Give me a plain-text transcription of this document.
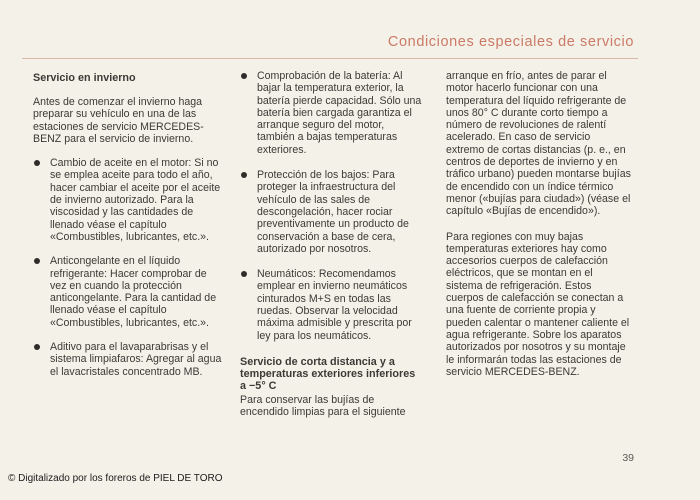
Condiciones especiales de servicio
Servicio en invierno

Antes de comenzar el invierno haga preparar su vehículo en una de las estaciones de servicio MERCEDES-BENZ para el servicio de invierno.

Cambio de aceite en el motor: Si no se emplea aceite para todo el año, hacer cambiar el aceite por el aceite de invierno autorizado. Para la viscosidad y las cantidades de llenado véase el capítulo «Combustibles, lubricantes, etc.».
Anticongelante en el líquido refrigerante: Hacer comprobar de vez en cuando la protección anticongelante. Para la cantidad de llenado véase el capítulo «Combustibles, lubricantes, etc.».
Aditivo para el lavaparabrisas y el sistema limpiafaros: Agregar al agua el lavacristales concentrado MB.
Comprobación de la batería: Al bajar la temperatura exterior, la batería pierde capacidad. Sólo una batería bien cargada garantiza el arranque seguro del motor, también a bajas temperaturas exteriores.
Protección de los bajos: Para proteger la infraestructura del vehículo de las sales de descongelación, hacer rociar preventivamente un producto de conservación a base de cera, autorizado por nosotros.
Neumáticos: Recomendamos emplear en invierno neumáticos cinturados M+S en todas las ruedas. Observar la velocidad máxima admisible y prescrita por ley para los neumáticos.
Servicio de corta distancia y a temperaturas exteriores inferiores a −5° C

Para conservar las bujías de encendido limpias para el siguiente

arranque en frío, antes de parar el motor hacerlo funcionar con una temperatura del líquido refrigerante de unos 80° C durante corto tiempo a número de revoluciones de ralentí acelerado. En caso de servicio extremo de cortas distancias (p. e., en centros de deportes de invierno y en tráfico urbano) pueden montarse bujías de encendido con un índice térmico menor («bujías para ciudad») (véase el capítulo «Bujías de encendido»).

Para regiones con muy bajas temperaturas exteriores hay como accesorios cuerpos de calefacción eléctricos, que se montan en el sistema de refrigeración. Estos cuerpos de calefacción se conectan a una fuente de corriente propia y pueden calentar o mantener caliente el agua refrigerante. Sobre los aparatos autorizados por nosotros y su montaje le informarán todas las estaciones de servicio MERCEDES-BENZ.

39
© Digitalizado por los foreros de PIEL DE TORO
